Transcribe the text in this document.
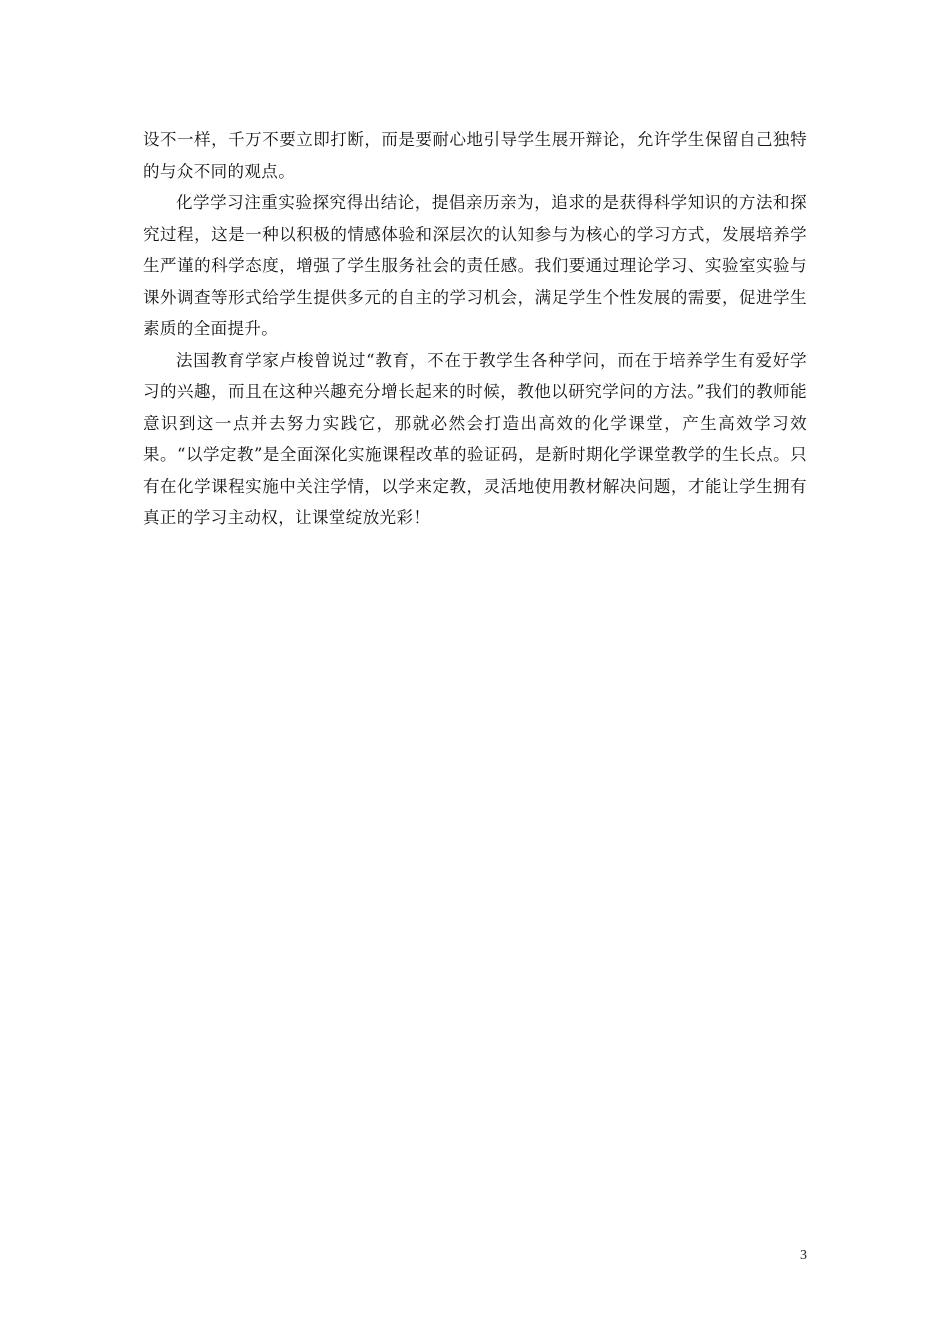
设不一样，千万不要立即打断，而是要耐心地引导学生展开辩论，允许学生保留自己独特的与众不同的观点。

化学学习注重实验探究得出结论，提倡亲历亲为，追求的是获得科学知识的方法和探究过程，这是一种以积极的情感体验和深层次的认知参与为核心的学习方式，发展培养学生严谨的科学态度，增强了学生服务社会的责任感。我们要通过理论学习、实验室实验与课外调查等形式给学生提供多元的自主的学习机会，满足学生个性发展的需要，促进学生素质的全面提升。

法国教育学家卢梭曾说过“教育，不在于教学生各种学问，而在于培养学生有爱好学习的兴趣，而且在这种兴趣充分增长起来的时候，教他以研究学问的方法。”我们的教师能意识到这一点并去努力实践它，那就必然会打造出高效的化学课堂，产生高效学习效果。“以学定教”是全面深化实施课程改革的验证码，是新时期化学课堂教学的生长点。只有在化学课程实施中关注学情，以学来定教，灵活地使用教材解决问题，才能让学生拥有真正的学习主动权，让课堂绽放光彩！

3
